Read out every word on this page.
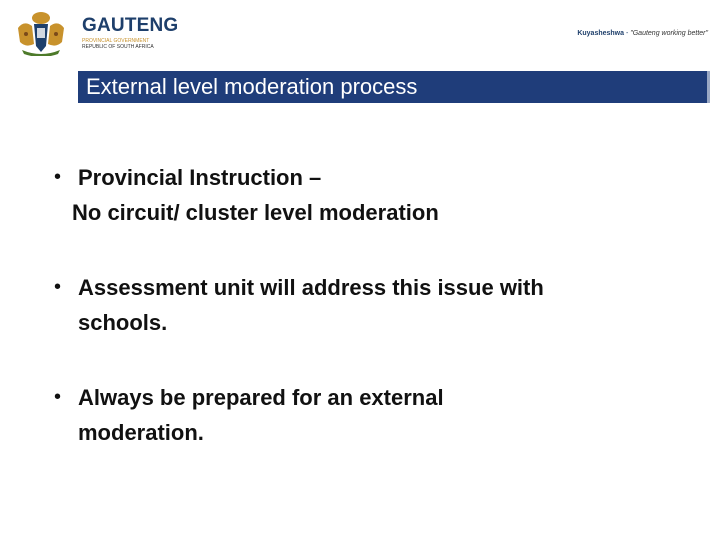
GAUTENG
PROVINCIAL GOVERNMENT
REPUBLIC OF SOUTH AFRICA
Kuyasheshwa - "Gauteng working better"
External level moderation process
• Provincial Instruction –
No circuit/ cluster level moderation
• Assessment unit will address this issue with
schools.
• Always be prepared for an external
moderation.
